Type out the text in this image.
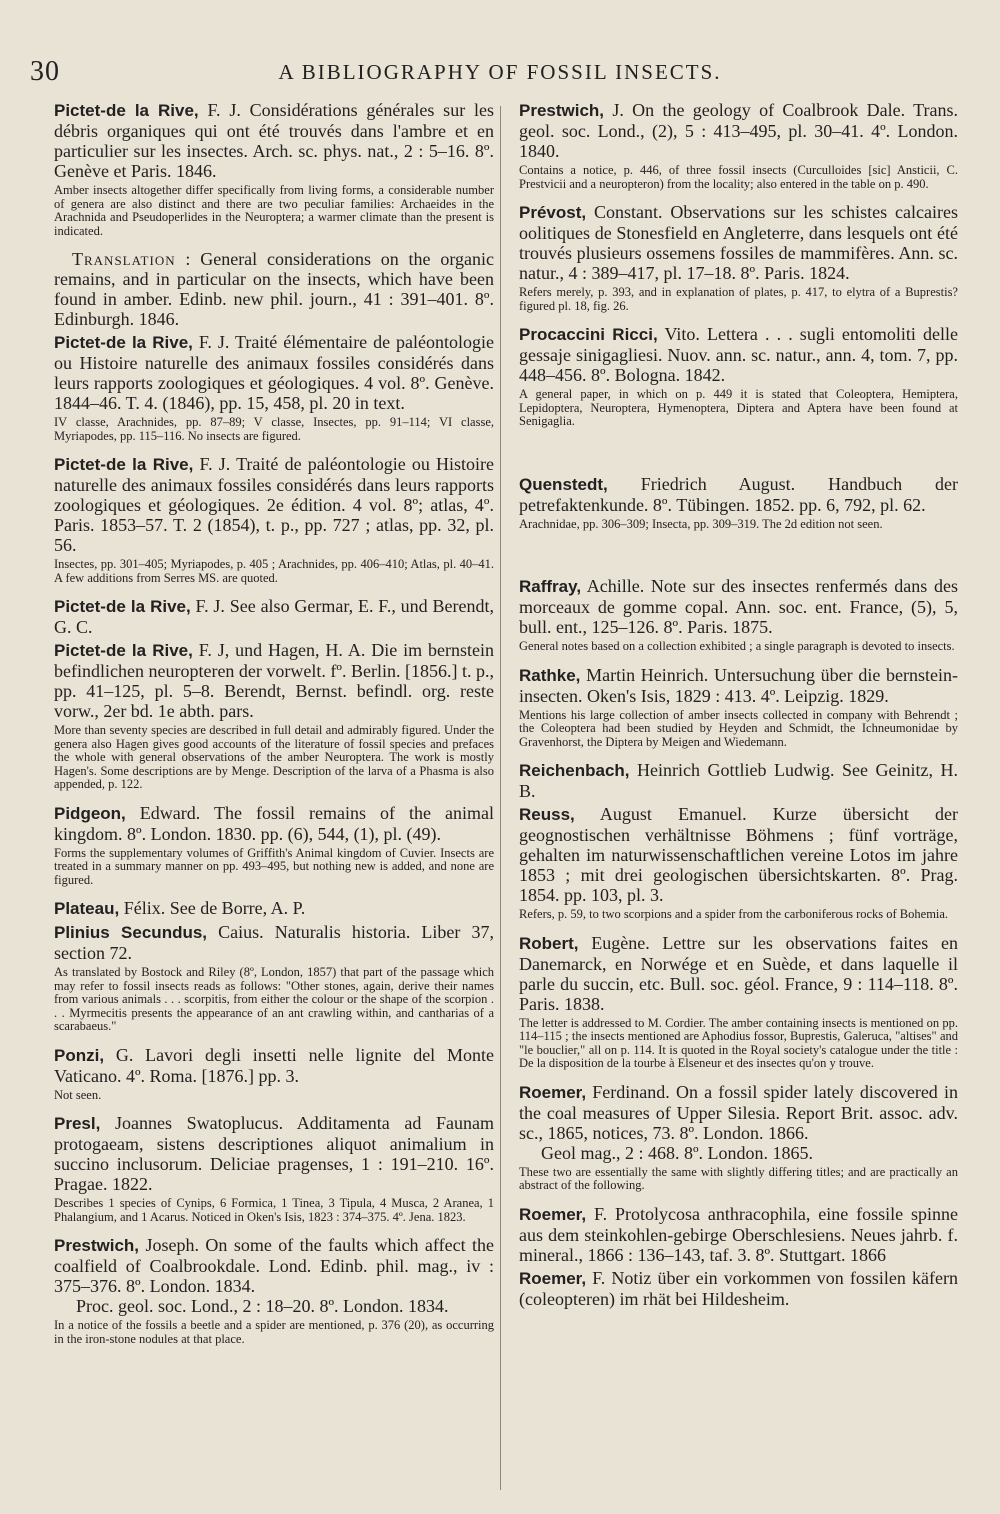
30	A BIBLIOGRAPHY OF FOSSIL INSECTS.

Pictet-de la Rive, F. J. Considérations générales sur les débris organiques qui ont été trouvés dans l'ambre et en particulier sur les insectes. Arch. sc. phys. nat., 2 : 5–16. 8º. Genève et Paris. 1846.

Amber insects altogether differ specifically from living forms, a considerable number of genera are also distinct and there are two peculiar families: Archaeides in the Arachnida and Pseudoperlides in the Neuroptera; a warmer climate than the present is indicated.

 Translation : General considerations on the organic remains, and in particular on the insects, which have been found in amber. Edinb. new phil. journ., 41 : 391–401. 8º. Edinburgh. 1846.

Pictet-de la Rive, F. J. Traité élémentaire de paléontologie ou Histoire naturelle des animaux fossiles considérés dans leurs rapports zoologiques et géologiques. 4 vol. 8º. Genève. 1844–46. T. 4. (1846), pp. 15, 458, pl. 20 in text.

IV classe, Arachnides, pp. 87–89; V classe, Insectes, pp. 91–114; VI classe, Myriapodes, pp. 115–116. No insects are figured.

Pictet-de la Rive, F. J. Traité de paléontologie ou Histoire naturelle des animaux fossiles considérés dans leurs rapports zoologiques et géologiques. 2e édition. 4 vol. 8º; atlas, 4º. Paris. 1853–57. T. 2 (1854), t. p., pp. 727 ; atlas, pp. 32, pl. 56.

Insectes, pp. 301–405; Myriapodes, p. 405 ; Arachnides, pp. 406–410; Atlas, pl. 40–41. A few additions from Serres MS. are quoted.

Pictet-de la Rive, F. J. See also Germar, E. F., und Berendt, G. C.

Pictet-de la Rive, F. J, und Hagen, H. A. Die im bernstein befindlichen neuropteren der vorwelt. fº. Berlin. [1856.] t. p., pp. 41–125, pl. 5–8. Berendt, Bernst. befindl. org. reste vorw., 2er bd. 1e abth. pars.

More than seventy species are described in full detail and admirably figured. Under the genera also Hagen gives good accounts of the literature of fossil species and prefaces the whole with general observations of the amber Neuroptera. The work is mostly Hagen's. Some descriptions are by Menge. Description of the larva of a Phasma is also appended, p. 122.

Pidgeon, Edward. The fossil remains of the animal kingdom. 8º. London. 1830. pp. (6), 544, (1), pl. (49).

Forms the supplementary volumes of Griffith's Animal kingdom of Cuvier. Insects are treated in a summary manner on pp. 493–495, but nothing new is added, and none are figured.

Plateau, Félix. See de Borre, A. P.

Plinius Secundus, Caius. Naturalis historia. Liber 37, section 72.

As translated by Bostock and Riley (8º, London, 1857) that part of the passage which may refer to fossil insects reads as follows: "Other stones, again, derive their names from various animals . . . scorpitis, from either the colour or the shape of the scorpion . . . Myrmecitis presents the appearance of an ant crawling within, and cantharias of a scarabaeus."

Ponzi, G. Lavori degli insetti nelle lignite del Monte Vaticano. 4º. Roma. [1876.] pp. 3.

Not seen.

Presl, Joannes Swatoplucus. Additamenta ad Faunam protogaeam, sistens descriptiones aliquot animalium in succino inclusorum. Deliciae pragenses, 1 : 191–210. 16º. Pragae. 1822.

Describes 1 species of Cynips, 6 Formica, 1 Tinea, 3 Tipula, 4 Musca, 2 Aranea, 1 Phalangium, and 1 Acarus. Noticed in Oken's Isis, 1823 : 374–375. 4º. Jena. 1823.

Prestwich, Joseph. On some of the faults which affect the coalfield of Coalbrookdale. Lond. Edinb. phil. mag., iv : 375–376. 8º. London. 1834.

Proc. geol. soc. Lond., 2 : 18–20. 8º. London. 1834.

In a notice of the fossils a beetle and a spider are mentioned, p. 376 (20), as occurring in the iron-stone nodules at that place.

Prestwich, J. On the geology of Coalbrook Dale. Trans. geol. soc. Lond., (2), 5 : 413–495, pl. 30–41. 4º. London. 1840.

Contains a notice, p. 446, of three fossil insects (Curculloides [sic] Ansticii, C. Prestvicii and a neuropteron) from the locality; also entered in the table on p. 490.

Prévost, Constant. Observations sur les schistes calcaires oolitiques de Stonesfield en Angleterre, dans lesquels ont été trouvés plusieurs ossemens fossiles de mammifères. Ann. sc. natur., 4 : 389–417, pl. 17–18. 8º. Paris. 1824.

Refers merely, p. 393, and in explanation of plates, p. 417, to elytra of a Buprestis? figured pl. 18, fig. 26.

Procaccini Ricci, Vito. Lettera . . . sugli entomoliti delle gessaje sinigagliesi. Nuov. ann. sc. natur., ann. 4, tom. 7, pp. 448–456. 8º. Bologna. 1842.

A general paper, in which on p. 449 it is stated that Coleoptera, Hemiptera, Lepidoptera, Neuroptera, Hymenoptera, Diptera and Aptera have been found at Senigaglia.

Quenstedt, Friedrich August. Handbuch der petrefaktenkunde. 8º. Tübingen. 1852. pp. 6, 792, pl. 62.

Arachnidae, pp. 306–309; Insecta, pp. 309–319. The 2d edition not seen.

Raffray, Achille. Note sur des insectes renfermés dans des morceaux de gomme copal. Ann. soc. ent. France, (5), 5, bull. ent., 125–126. 8º. Paris. 1875.

General notes based on a collection exhibited ; a single paragraph is devoted to insects.

Rathke, Martin Heinrich. Untersuchung über die bernstein-insecten. Oken's Isis, 1829 : 413. 4º. Leipzig. 1829.

Mentions his large collection of amber insects collected in company with Behrendt ; the Coleoptera had been studied by Heyden and Schmidt, the Ichneumonidae by Gravenhorst, the Diptera by Meigen and Wiedemann.

Reichenbach, Heinrich Gottlieb Ludwig. See Geinitz, H. B.

Reuss, August Emanuel. Kurze übersicht der geognostischen verhältnisse Böhmens ; fünf vorträge, gehalten im naturwissenschaftlichen vereine Lotos im jahre 1853 ; mit drei geologischen übersichtskarten. 8º. Prag. 1854. pp. 103, pl. 3.

Refers, p. 59, to two scorpions and a spider from the carboniferous rocks of Bohemia.

Robert, Eugène. Lettre sur les observations faites en Danemarck, en Norwége et en Suède, et dans laquelle il parle du succin, etc. Bull. soc. géol. France, 9 : 114–118. 8º. Paris. 1838.

The letter is addressed to M. Cordier. The amber containing insects is mentioned on pp. 114–115 ; the insects mentioned are Aphodius fossor, Buprestis, Galeruca, "altises" and "le bouclier," all on p. 114. It is quoted in the Royal society's catalogue under the title : De la disposition de la tourbe à Elseneur et des insectes qu'on y trouve.

Roemer, Ferdinand. On a fossil spider lately discovered in the coal measures of Upper Silesia. Report Brit. assoc. adv. sc., 1865, notices, 73. 8º. London. 1866.

Geol mag., 2 : 468. 8º. London. 1865.

These two are essentially the same with slightly differing titles; and are practically an abstract of the following.

Roemer, F. Protolycosa anthracophila, eine fossile spinne aus dem steinkohlen-gebirge Oberschlesiens. Neues jahrb. f. mineral., 1866 : 136–143, taf. 3. 8º. Stuttgart. 1866

Roemer, F. Notiz über ein vorkommen von fossilen käfern (coleopteren) im rhät bei Hildesheim.
